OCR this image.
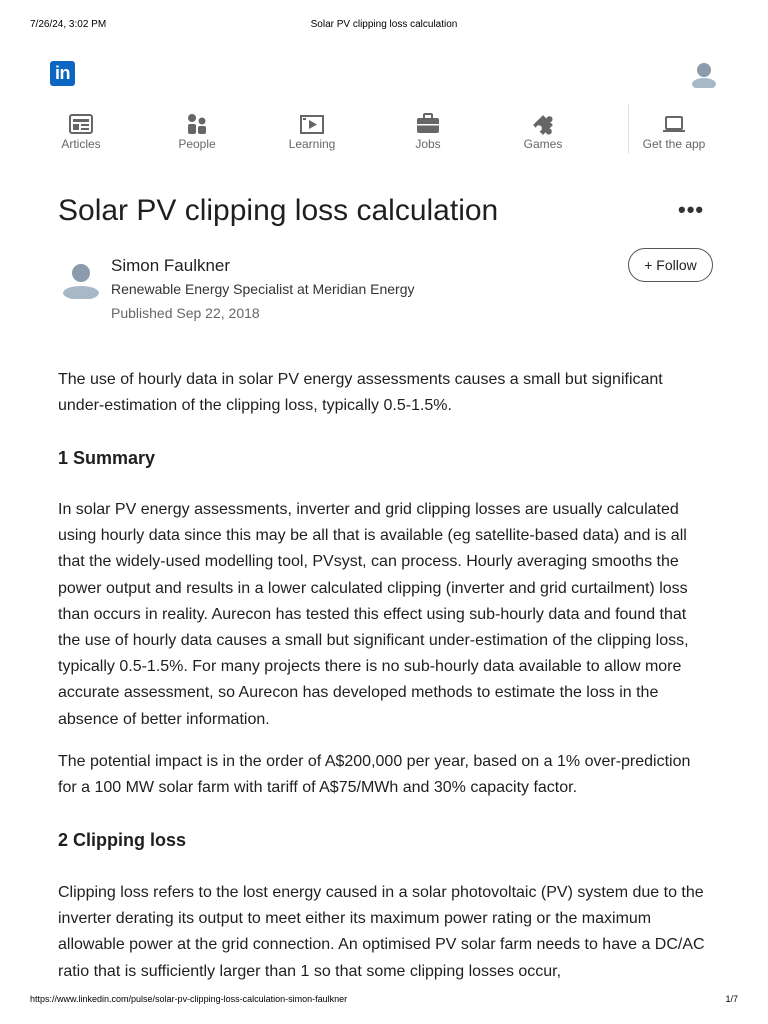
7/26/24, 3:02 PM	Solar PV clipping loss calculation
in
Articles	People	Learning	Jobs	Games	Get the app
Solar PV clipping loss calculation	•••
Simon Faulkner
Renewable Energy Specialist at Meridian Energy
Published Sep 22, 2018
+ Follow

The use of hourly data in solar PV energy assessments causes a small but significant under-estimation of the clipping loss, typically 0.5-1.5%.

1 Summary

In solar PV energy assessments, inverter and grid clipping losses are usually calculated using hourly data since this may be all that is available (eg satellite-based data) and is all that the widely-used modelling tool, PVsyst, can process. Hourly averaging smooths the power output and results in a lower calculated clipping (inverter and grid curtailment) loss than occurs in reality. Aurecon has tested this effect using sub-hourly data and found that the use of hourly data causes a small but significant under-estimation of the clipping loss, typically 0.5-1.5%. For many projects there is no sub-hourly data available to allow more accurate assessment, so Aurecon has developed methods to estimate the loss in the absence of better information.

The potential impact is in the order of A$200,000 per year, based on a 1% over-prediction for a 100 MW solar farm with tariff of A$75/MWh and 30% capacity factor.

2 Clipping loss

Clipping loss refers to the lost energy caused in a solar photovoltaic (PV) system due to the inverter derating its output to meet either its maximum power rating or the maximum allowable power at the grid connection. An optimised PV solar farm needs to have a DC/AC ratio that is sufficiently larger than 1 so that some clipping losses occur,

https://www.linkedin.com/pulse/solar-pv-clipping-loss-calculation-simon-faulkner	1/7
